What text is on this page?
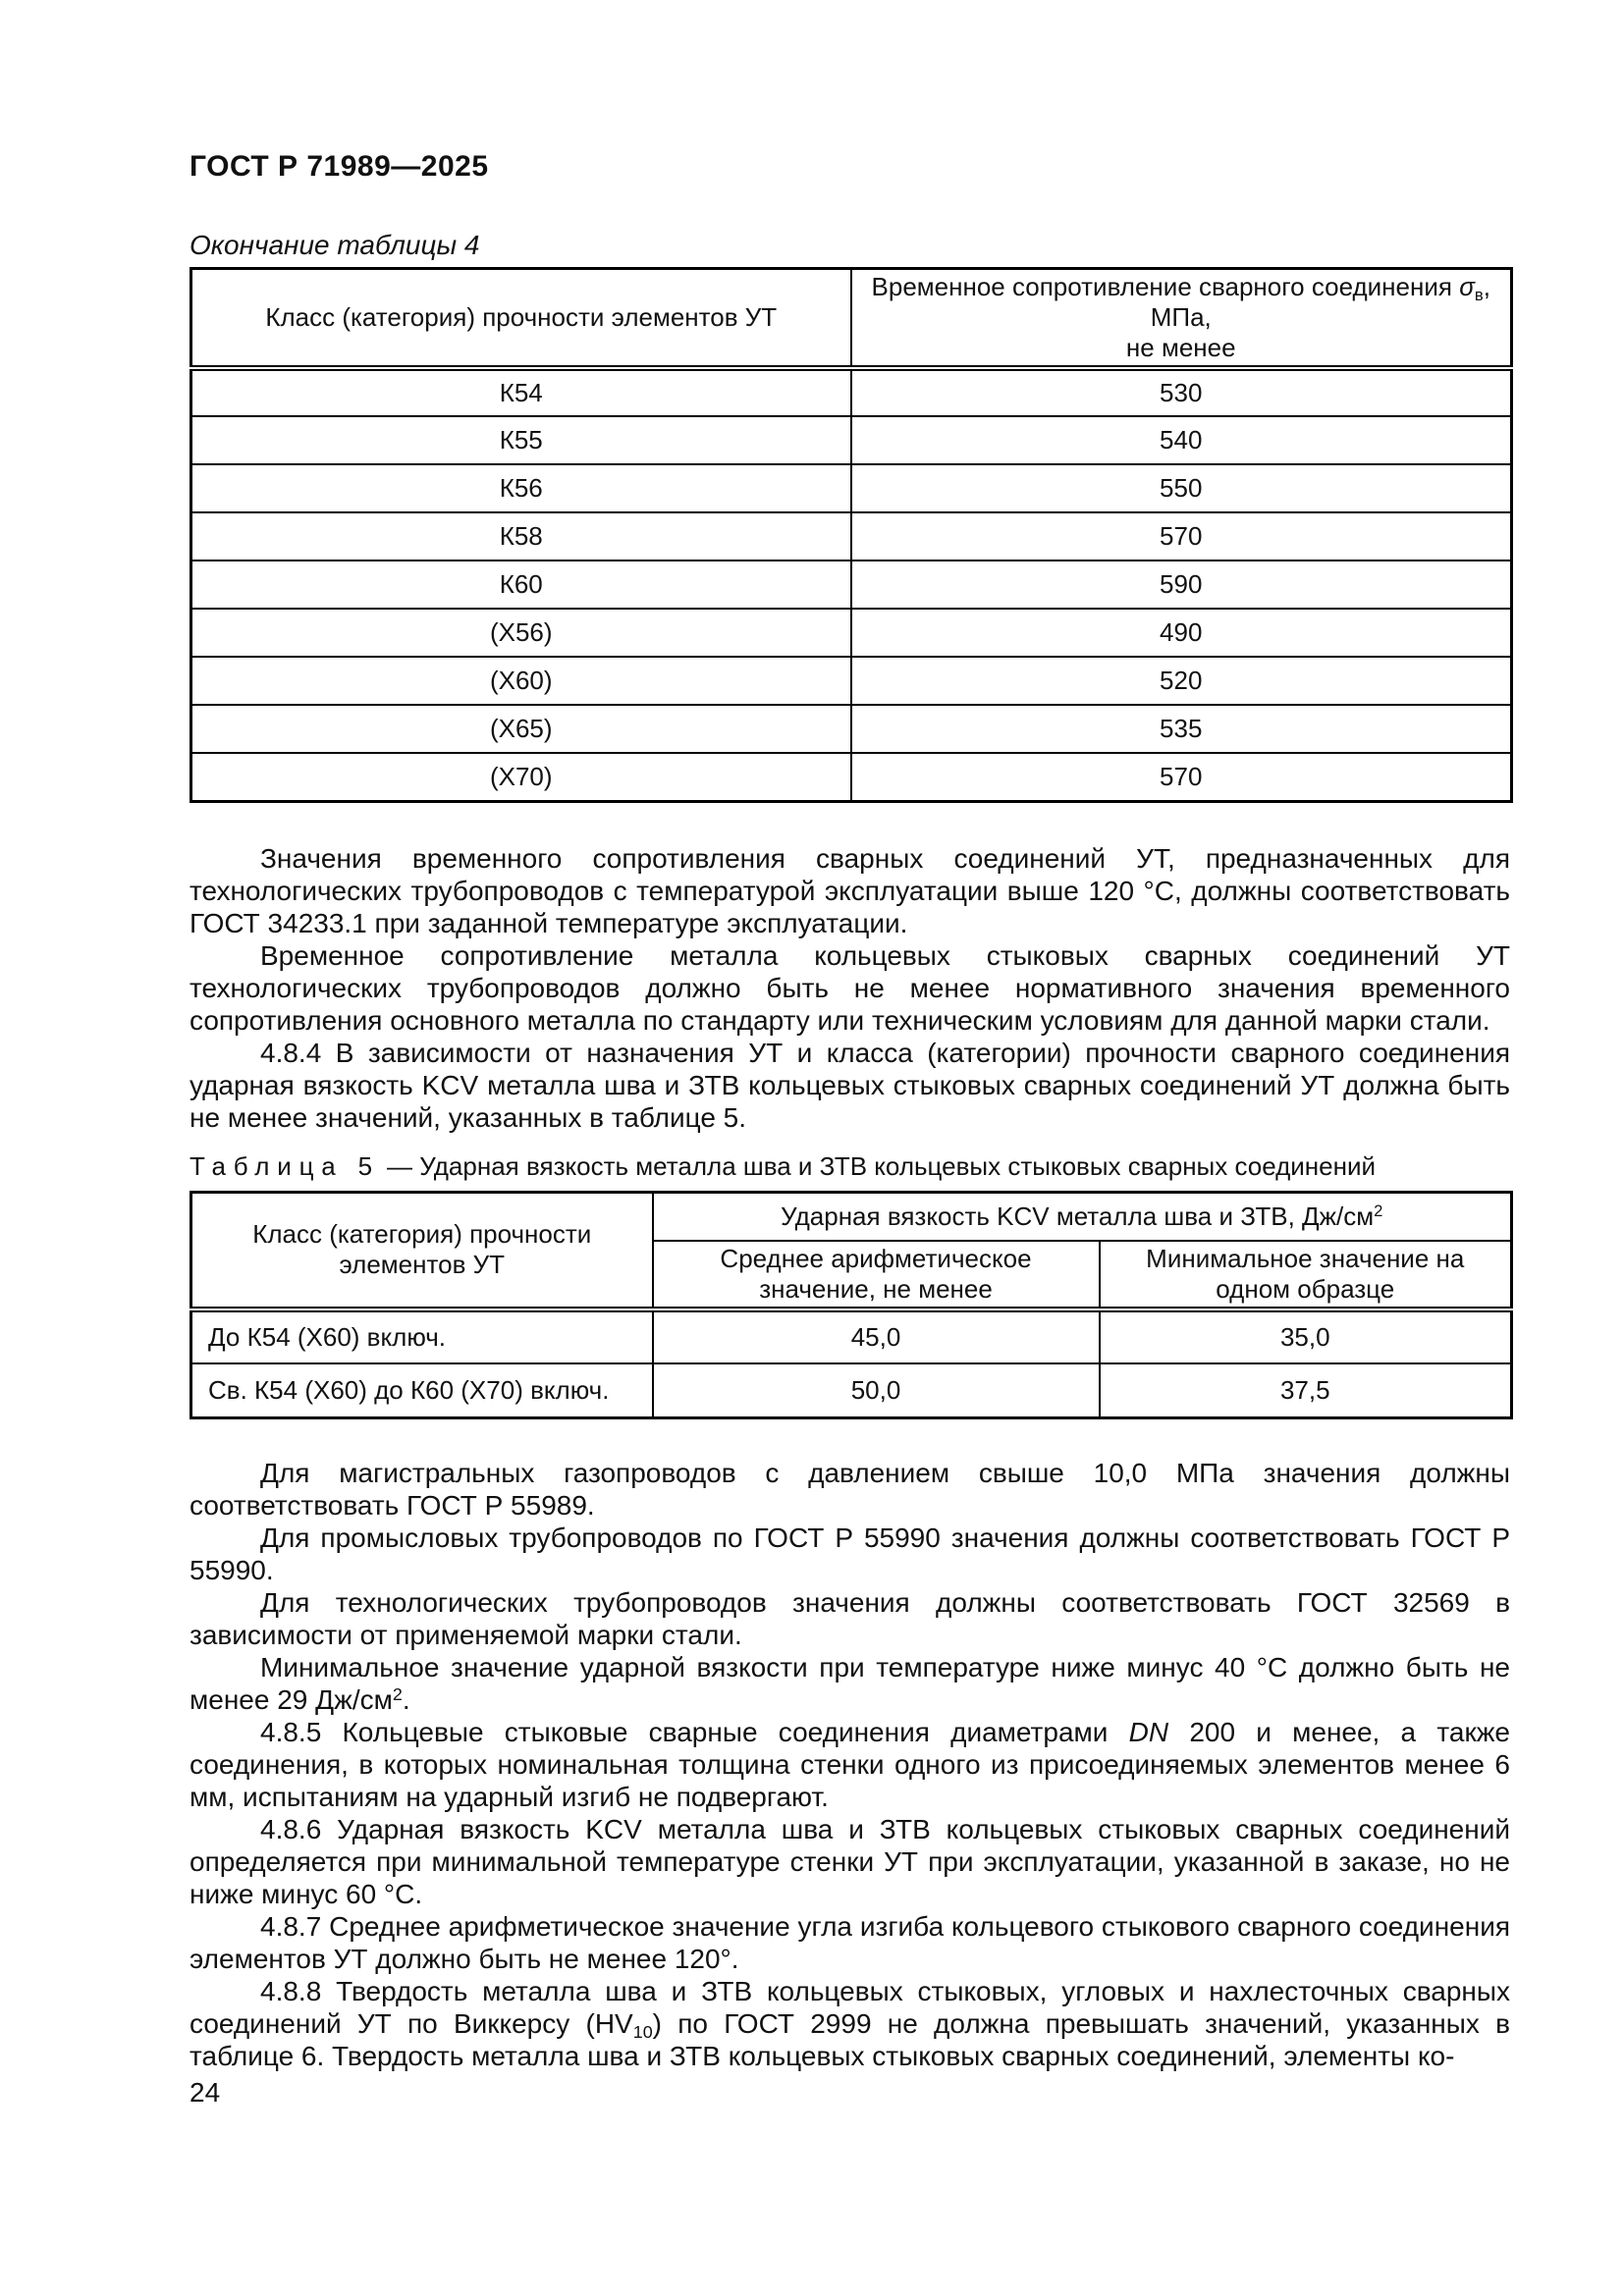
ГОСТ Р 71989—2025
Окончание таблицы 4
Класс (категория) прочности элементов УТ	Временное сопротивление сварного соединения σв, МПа,
не менее
К54	530
К55	540
К56	550
К58	570
К60	590
(Х56)	490
(Х60)	520
(Х65)	535
(Х70)	570

Значения временного сопротивления сварных соединений УТ, предназначенных для технологических трубопроводов с температурой эксплуатации выше 120 °С, должны соответствовать ГОСТ 34233.1 при заданной температуре эксплуатации.

Временное сопротивление металла кольцевых стыковых сварных соединений УТ технологических трубопроводов должно быть не менее нормативного значения временного сопротивления основного металла по стандарту или техническим условиям для данной марки стали.

4.8.4 В зависимости от назначения УТ и класса (категории) прочности сварного соединения ударная вязкость KCV металла шва и ЗТВ кольцевых стыковых сварных соединений УТ должна быть не менее значений, указанных в таблице 5.

Таблица 5 — Ударная вязкость металла шва и ЗТВ кольцевых стыковых сварных соединений
Класс (категория) прочности элементов УТ	Ударная вязкость KCV металла шва и ЗТВ, $Дж/см^2$
	Среднее арифметическое значение, не менее	Минимальное значение на одном образце
До К54 (Х60) включ.	45,0	35,0
Св. К54 (Х60) до К60 (Х70) включ.	50,0	37,5

Для магистральных газопроводов с давлением свыше 10,0 МПа значения должны соответствовать ГОСТ Р 55989.

Для промысловых трубопроводов по ГОСТ Р 55990 значения должны соответствовать ГОСТ Р 55990.

Для технологических трубопроводов значения должны соответствовать ГОСТ 32569 в зависимости от применяемой марки стали.

Минимальное значение ударной вязкости при температуре ниже минус 40 °С должно быть не менее 29 $Дж/см^2$.

4.8.5 Кольцевые стыковые сварные соединения диаметрами DN 200 и менее, а также соединения, в которых номинальная толщина стенки одного из присоединяемых элементов менее 6 мм, испытаниям на ударный изгиб не подвергают.

4.8.6 Ударная вязкость KCV металла шва и ЗТВ кольцевых стыковых сварных соединений определяется при минимальной температуре стенки УТ при эксплуатации, указанной в заказе, но не ниже минус 60 °С.

4.8.7 Среднее арифметическое значение угла изгиба кольцевого стыкового сварного соединения элементов УТ должно быть не менее 120°.

4.8.8 Твердость металла шва и ЗТВ кольцевых стыковых, угловых и нахлесточных сварных соединений УТ по Виккерсу (HV10) по ГОСТ 2999 не должна превышать значений, указанных в таблице 6. Твердость металла шва и ЗТВ кольцевых стыковых сварных соединений, элементы ко-

24
